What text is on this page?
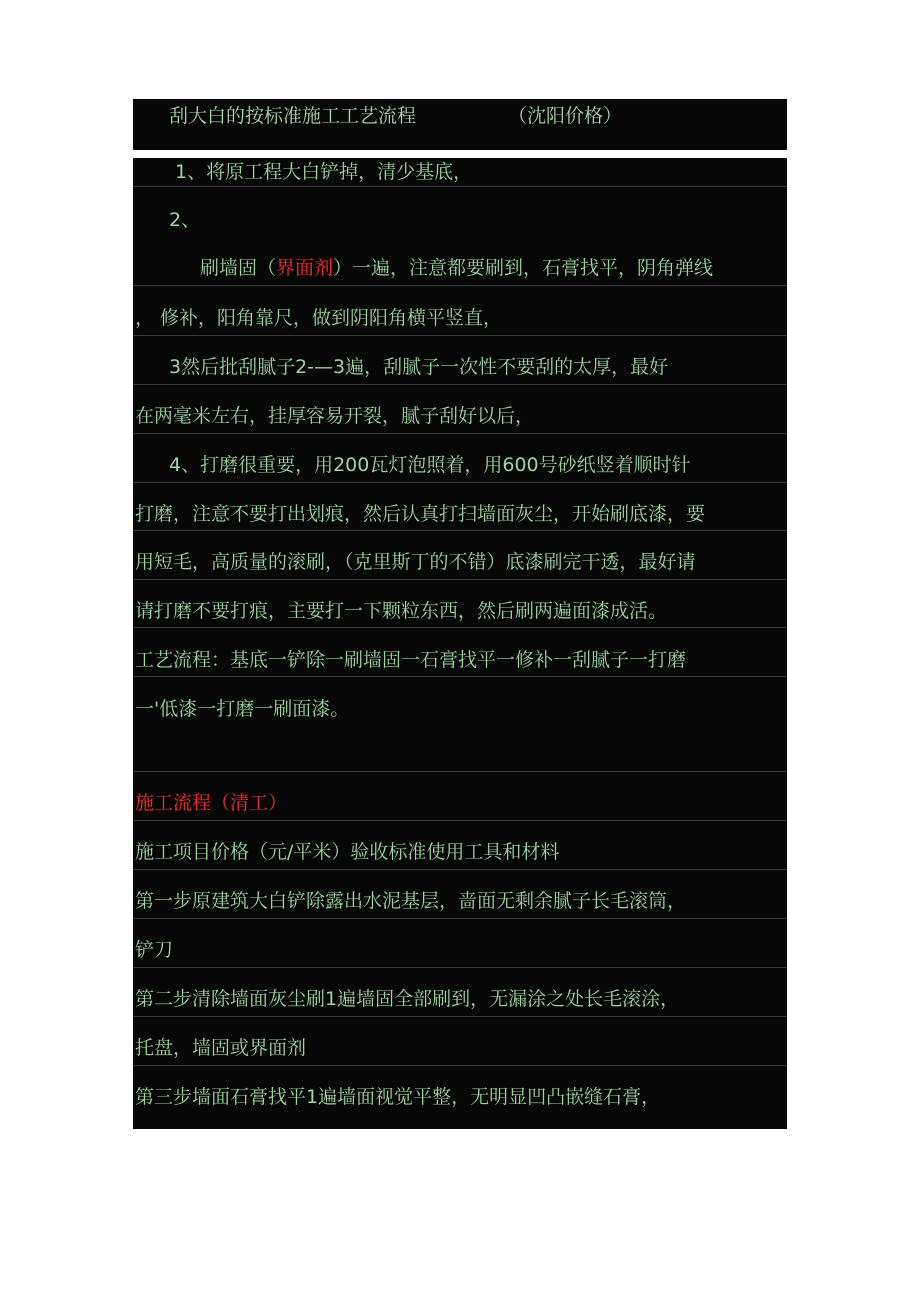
刮大白的按标准施工工艺流程	（沈阳价格）
1、将原工程大白铲掉，清少基底，
2、
刷墙固（界面剂）一遍，注意都要刷到，石膏找平，阴角弹线
， 修补，阳角靠尺，做到阴阳角横平竖直，
3然后批刮腻子2-—3遍，刮腻子一次性不要刮的太厚，最好
在两毫米左右，挂厚容易开裂，腻子刮好以后，
4、打磨很重要，用200瓦灯泡照着，用600号砂纸竖着顺时针
打磨，注意不要打出划痕，然后认真打扫墙面灰尘，开始刷底漆，要
用短毛，高质量的滚刷，（克里斯丁的不错）底漆刷完干透，最好请
请打磨不要打痕，主要打一下颗粒东西，然后刷两遍面漆成活。
工艺流程：基底一铲除一刷墙固一石膏找平一修补一刮腻子一打磨
一'低漆一打磨一刷面漆。
施工流程（清工）
施工项目价格（元/平米）验收标准使用工具和材料
第一步原建筑大白铲除露出水泥基层，啬面无剩余腻子长毛滚筒，
铲刀
第二步清除墙面灰尘刷1遍墙固全部刷到，无漏涂之处长毛滚涂，
托盘，墙固或界面剂
第三步墙面石膏找平1遍墙面视觉平整，无明显凹凸嵌缝石膏，
